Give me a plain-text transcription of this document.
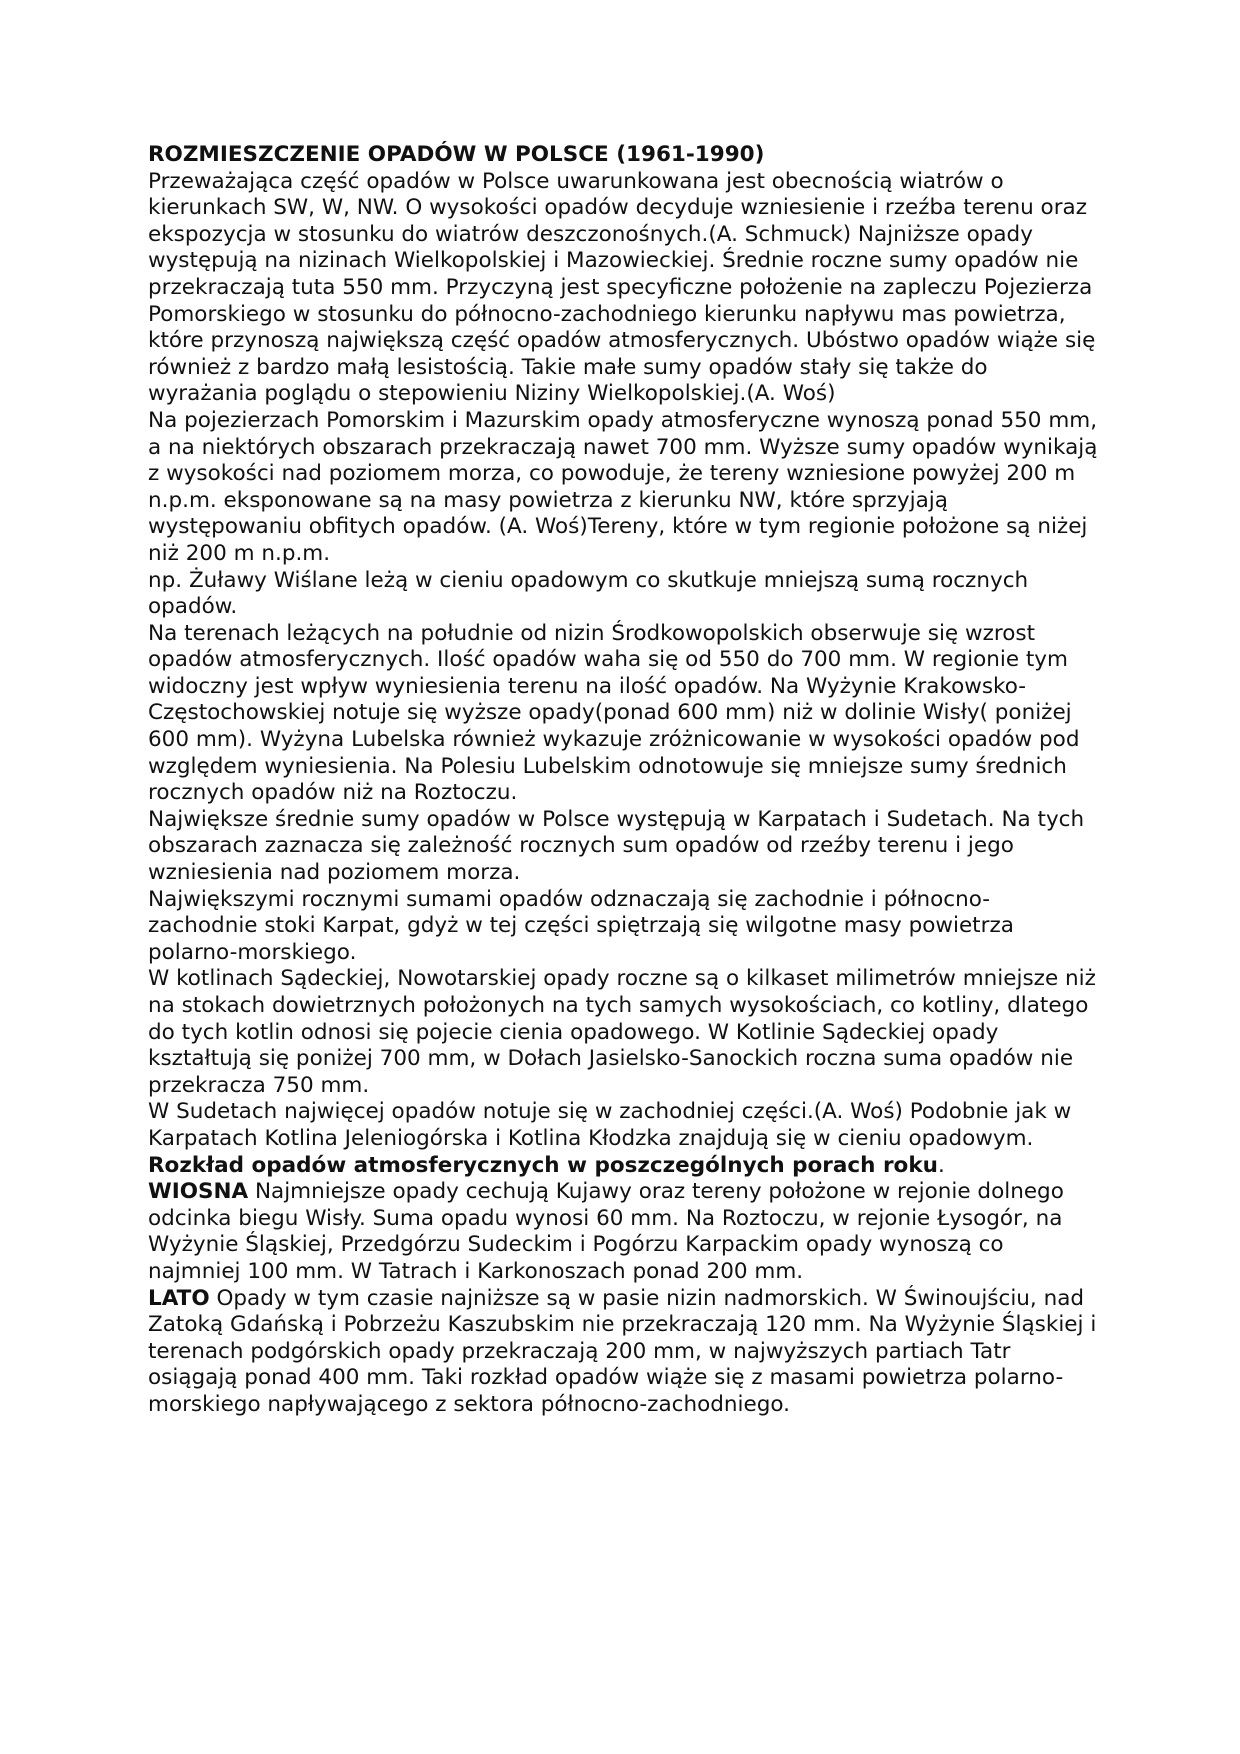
ROZMIESZCZENIE OPADÓW W POLSCE (1961-1990)

Przeważająca część opadów w Polsce uwarunkowana jest obecnością wiatrów o kierunkach SW, W, NW. O wysokości opadów decyduje wzniesienie i rzeźba terenu oraz ekspozycja w stosunku do wiatrów deszczonośnych.(A. Schmuck) Najniższe opady występują na nizinach Wielkopolskiej i Mazowieckiej. Średnie roczne sumy opadów nie przekraczają tuta 550 mm. Przyczyną jest specyficzne położenie na zapleczu Pojezierza Pomorskiego w stosunku do północno-zachodniego kierunku napływu mas powietrza, które przynoszą największą część opadów atmosferycznych. Ubóstwo opadów wiąże się również z bardzo małą lesistością. Takie małe sumy opadów stały się także do wyrażania poglądu o stepowieniu Niziny Wielkopolskiej.(A. Woś)

Na pojezierzach Pomorskim i Mazurskim opady atmosferyczne wynoszą ponad 550 mm, a na niektórych obszarach przekraczają nawet 700 mm. Wyższe sumy opadów wynikają z wysokości nad poziomem morza, co powoduje, że tereny wzniesione powyżej 200 m n.p.m. eksponowane są na masy powietrza z kierunku NW, które sprzyjają występowaniu obfitych opadów. (A. Woś)Tereny, które w tym regionie położone są niżej niż 200 m n.p.m.

np. Żuławy Wiślane leżą w cieniu opadowym co skutkuje mniejszą sumą rocznych opadów.

Na terenach leżących na południe od nizin Środkowopolskich obserwuje się wzrost opadów atmosferycznych. Ilość opadów waha się od 550 do 700 mm. W regionie tym widoczny jest wpływ wyniesienia terenu na ilość opadów. Na Wyżynie Krakowsko- Częstochowskiej notuje się wyższe opady(ponad 600 mm) niż w dolinie Wisły( poniżej 600 mm). Wyżyna Lubelska również wykazuje zróżnicowanie w wysokości opadów pod względem wyniesienia. Na Polesiu Lubelskim odnotowuje się mniejsze sumy średnich rocznych opadów niż na Roztoczu.

Największe średnie sumy opadów w Polsce występują w Karpatach i Sudetach. Na tych obszarach zaznacza się zależność rocznych sum opadów od rzeźby terenu i jego wzniesienia nad poziomem morza.

Największymi rocznymi sumami opadów odznaczają się zachodnie i północno-zachodnie stoki Karpat, gdyż w tej części spiętrzają się wilgotne masy powietrza polarno-morskiego.

W kotlinach Sądeckiej, Nowotarskiej opady roczne są o kilkaset milimetrów mniejsze niż na stokach dowietrznych położonych na tych samych wysokościach, co kotliny, dlatego do tych kotlin odnosi się pojecie cienia opadowego. W Kotlinie Sądeckiej opady kształtują się poniżej 700 mm, w Dołach Jasielsko-Sanockich roczna suma opadów nie przekracza 750 mm.

W Sudetach najwięcej opadów notuje się w zachodniej części.(A. Woś) Podobnie jak w Karpatach Kotlina Jeleniogórska i Kotlina Kłodzka znajdują się w cieniu opadowym.

Rozkład opadów atmosferycznych w poszczególnych porach roku.

WIOSNA Najmniejsze opady cechują Kujawy oraz tereny położone w rejonie dolnego odcinka biegu Wisły. Suma opadu wynosi 60 mm. Na Roztoczu, w rejonie Łysogór, na Wyżynie Śląskiej, Przedgórzu Sudeckim i Pogórzu Karpackim opady wynoszą co najmniej 100 mm. W Tatrach i Karkonoszach ponad 200 mm.

LATO Opady w tym czasie najniższe są w pasie nizin nadmorskich. W Świnoujściu, nad Zatoką Gdańską i Pobrzeżu Kaszubskim nie przekraczają 120 mm. Na Wyżynie Śląskiej i terenach podgórskich opady przekraczają 200 mm, w najwyższych partiach Tatr osiągają ponad 400 mm. Taki rozkład opadów wiąże się z masami powietrza polarno-morskiego napływającego z sektora północno-zachodniego.
